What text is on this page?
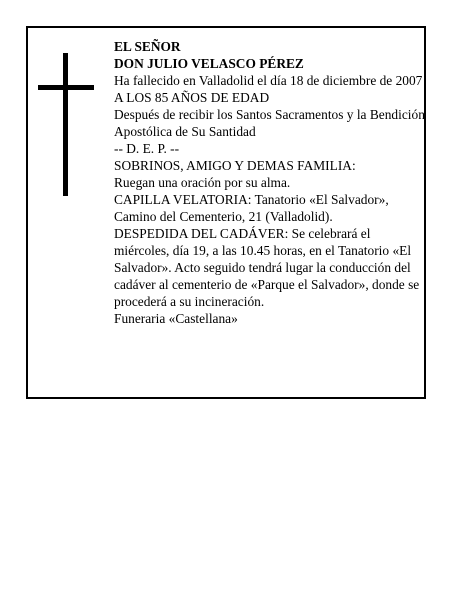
EL SEÑOR
DON JULIO VELASCO PÉREZ
Ha fallecido en Valladolid el día 18 de diciembre de 2007
A LOS 85 AÑOS DE EDAD
Después de recibir los Santos Sacramentos y la Bendición Apostólica de Su Santidad
-- D. E. P. --
SOBRINOS, AMIGO Y DEMAS FAMILIA:
Ruegan una oración por su alma.
CAPILLA VELATORIA: Tanatorio «El Salvador», Camino del Cementerio, 21 (Valladolid).
DESPEDIDA DEL CADÁVER: Se celebrará el miércoles, día 19, a las 10.45 horas, en el Tanatorio «El Salvador». Acto seguido tendrá lugar la conducción del cadáver al cementerio de «Parque el Salvador», donde se procederá a su incineración.
Funeraria «Castellana»
